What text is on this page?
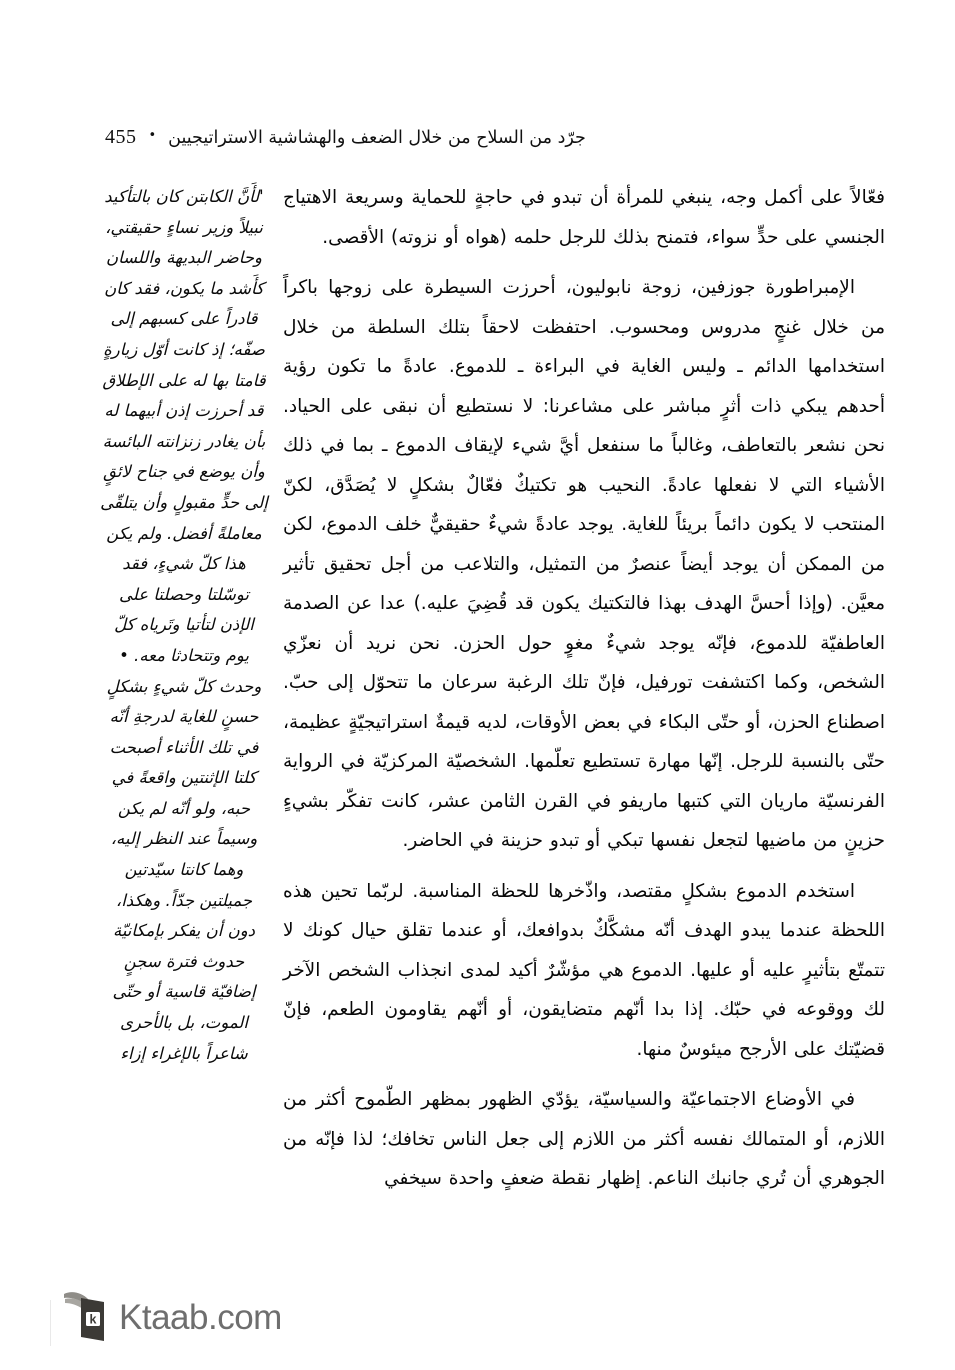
455 • جرّد من السلاح من خلال الضعف والهشاشية الاستراتيجيين

'لأَنَّ الكابتن كان بالتأكيد نبيلاً وزير نساءٍ حقيقتي، وحاضر البديهة واللسان كأَشد ما يكون، فقد كان قادراً على كسبهم إلى صفّه؛ إذ كانت أوّل زيارةٍ قامتا بها له على الإطلاق قد أحرزت إذن أبيهما له بأن يغادر زنزانته البائسة وأن يوضع في جناح لائقٍ إلى حدٍّ مقبولٍ وأن يتلقّى معاملةً أفضل. ولم يكن هذا كلّ شيءٍ، فقد توسّلتا وحصلتا على الإذن لتأتيا وتَرياه كلّ يوم وتتحادثا معه. • وحدث كلّ شيءٍ بشكلٍ حسنٍ للغاية لدرجةِ أنّه في تلك الأثناء أصبحت كلتا الإثنتين واقعةً في حبه، ولو أنّه لم يكن وسيماً عند النظر إليه، وهما كانتا سيّدتين جميلتين جدّاً. وهكذا، دون أن يفكر بإمكانيّة حدوث فترة سجنٍ إضافيّة قاسية أو حتّى الموت، بل بالأحرى شاعراً بالإغراء إزاء

فعّالاً على أكمل وجه، ينبغي للمرأة أن تبدو في حاجةٍ للحماية وسريعة الاهتياج الجنسي على حدٍّ سواء، فتمنح بذلك للرجل حلمه (هواه أو نزوته) الأقصى.

الإمبراطورة جوزفين، زوجة نابوليون، أحرزت السيطرة على زوجها باكراً من خلال غنجٍ مدروس ومحسوب. احتفظت لاحقاً بتلك السلطة من خلال استخدامها الدائم ـ وليس الغاية في البراءة ـ للدموع. عادةً ما تكون رؤية أحدهم يبكي ذات أثرٍ مباشر على مشاعرنا: لا نستطيع أن نبقى على الحياد. نحن نشعر بالتعاطف، وغالباً ما سنفعل أيَّ شيء لإيقاف الدموع ـ بما في ذلك الأشياء التي لا نفعلها عادةً. النحيب هو تكتيكٌ فعّالٌ بشكلٍ لا يُصَدَّق، لكنّ المنتحب لا يكون دائماً بريئاً للغاية. يوجد عادةً شيءٌ حقيقيٌّ خلف الدموع، لكن من الممكن أن يوجد أيضاً عنصرٌ من التمثيل، والتلاعب من أجل تحقيق تأثير معيَّن. (وإذا أحسَّ الهدف بهذا فالتكتيك يكون قد قُضِيَ عليه.) عدا عن الصدمة العاطفيّة للدموع، فإنّه يوجد شيءٌ مغوٍ حول الحزن. نحن نريد أن نعزّي الشخص، وكما اكتشفت تورفيل، فإنّ تلك الرغبة سرعان ما تتحوّل إلى حبّ. اصطناع الحزن، أو حتّى البكاء في بعض الأوقات، لديه قيمةٌ استراتيجيّةٍ عظيمة، حتّى بالنسبة للرجل. إنّها مهارة تستطيع تعلّمها. الشخصيّة المركزيّة في الرواية الفرنسيّة ماريان التي كتبها ماريفو في القرن الثامن عشر، كانت تفكّر بشيءٍ حزينٍ من ماضيها لتجعل نفسها تبكي أو تبدو حزينة في الحاضر.

استخدم الدموع بشكلٍ مقتصد، واذّخرها للحظة المناسبة. لربّما تحين هذه اللحظة عندما يبدو الهدف أنّه مشكَّكٌ بدوافعك، أو عندما تقلق حيال كونك لا تتمتّع بتأثيرٍ عليه أو عليها. الدموع هي مؤشّرٌ أكيد لمدى انجذاب الشخص الآخر لك ووقوعه في حبّك. إذا بدا أنّهم متضايقون، أو أنّهم يقاومون الطعم، فإنّ قضيّتك على الأرجح ميئوسٌ منها.

في الأوضاع الاجتماعيّة والسياسيّة، يؤدّي الظهور بمظهر الطّموح أكثر من اللازم، أو المتمالك نفسه أكثر من اللازم إلى جعل الناس تخافك؛ لذا فإنّه من الجوهري أن تُري جانبك الناعم. إظهار نقطة ضعفٍ واحدة سيخفي

k Ktaab.com
